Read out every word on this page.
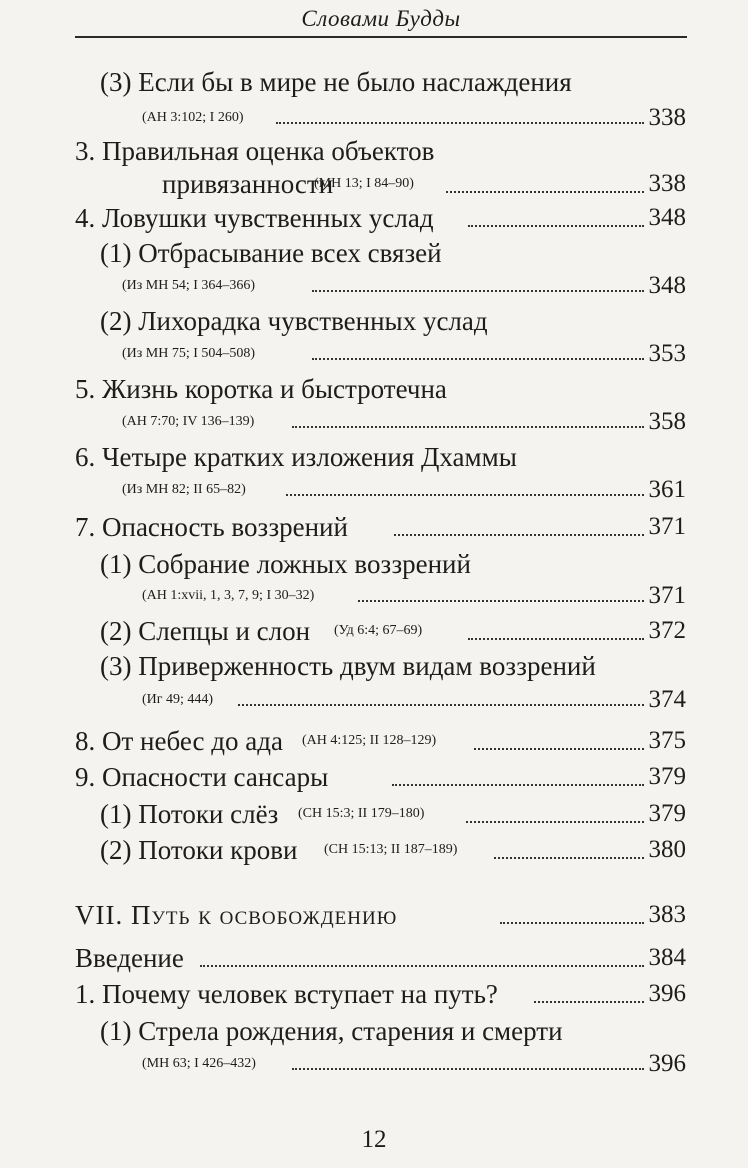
Словами Будды
(3) Если бы в мире не было наслаждения
(АН 3:102; I 260)	338
3. Правильная оценка объектов
привязанности
(МН 13; I 84–90)	338
4. Ловушки чувственных услад	348
(1) Отбрасывание всех связей
(Из МН 54; I 364–366)	348
(2) Лихорадка чувственных услад
(Из МН 75; I 504–508)	353
5. Жизнь коротка и быстротечна
(АН 7:70; IV 136–139)	358
6. Четыре кратких изложения Дхаммы
(Из МН 82; II 65–82)	361
7. Опасность воззрений	371
(1) Собрание ложных воззрений
(АН 1:xvii, 1, 3, 7, 9; I 30–32)	371
(2) Слепцы и слон (Уд 6:4; 67–69)	372
(3) Приверженность двум видам воззрений
(Иг 49; 444)	374
8. От небес до ада (АН 4:125; II 128–129)	375
9. Опасности сансары	379
(1) Потоки слёз (СН 15:3; II 179–180)	379
(2) Потоки крови (СН 15:13; II 187–189)	380
VII. Путь к освобождению	383
Введение	384
1. Почему человек вступает на путь?	396
(1) Стрела рождения, старения и смерти
(МН 63; I 426–432)	396
12
